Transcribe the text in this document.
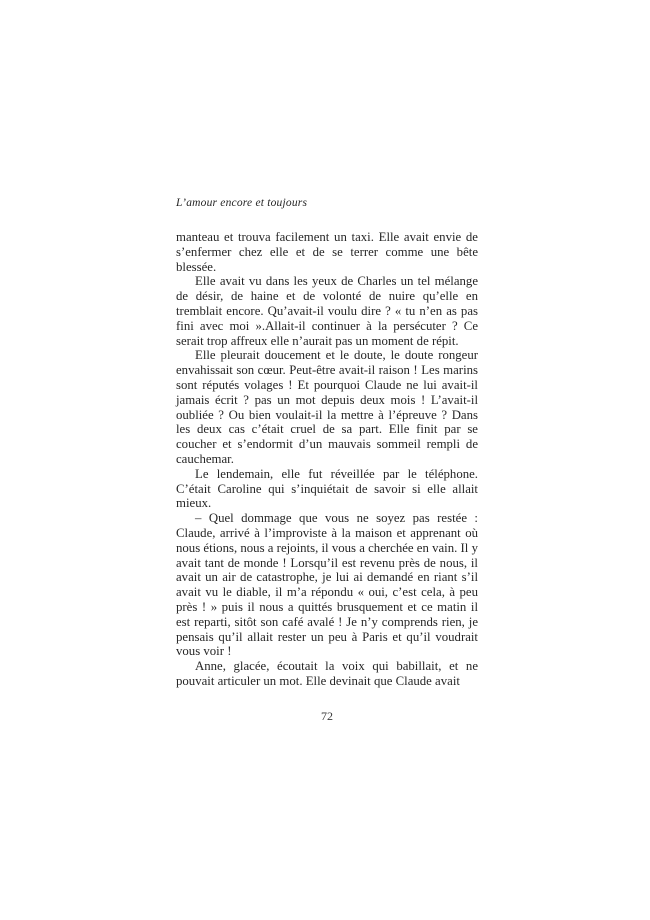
L’amour encore et toujours

manteau et trouva facilement un taxi. Elle avait envie de s’enfermer chez elle et de se terrer comme une bête blessée.

Elle avait vu dans les yeux de Charles un tel mélange de désir, de haine et de volonté de nuire qu’elle en tremblait encore. Qu’avait-il voulu dire ? « tu n’en as pas fini avec moi ».Allait-il continuer à la persécuter ? Ce serait trop affreux elle n’aurait pas un moment de répit.

Elle pleurait doucement et le doute, le doute rongeur envahissait son cœur. Peut-être avait-il raison ! Les marins sont réputés volages ! Et pourquoi Claude ne lui avait-il jamais écrit ? pas un mot depuis deux mois ! L’avait-il oubliée ? Ou bien voulait-il la mettre à l’épreuve ? Dans les deux cas c’était cruel de sa part. Elle finit par se coucher et s’endormit d’un mauvais sommeil rempli de cauchemar.

Le lendemain, elle fut réveillée par le téléphone. C’était Caroline qui s’inquiétait de savoir si elle allait mieux.

– Quel dommage que vous ne soyez pas restée : Claude, arrivé à l’improviste à la maison et apprenant où nous étions, nous a rejoints, il vous a cherchée en vain. Il y avait tant de monde ! Lorsqu’il est revenu près de nous, il avait un air de catastrophe, je lui ai demandé en riant s’il avait vu le diable, il m’a répondu « oui, c’est cela, à peu près ! » puis il nous a quittés brusquement et ce matin il est reparti, sitôt son café avalé ! Je n’y comprends rien, je pensais qu’il allait rester un peu à Paris et qu’il voudrait vous voir !

Anne, glacée, écoutait la voix qui babillait, et ne pouvait articuler un mot. Elle devinait que Claude avait

72
